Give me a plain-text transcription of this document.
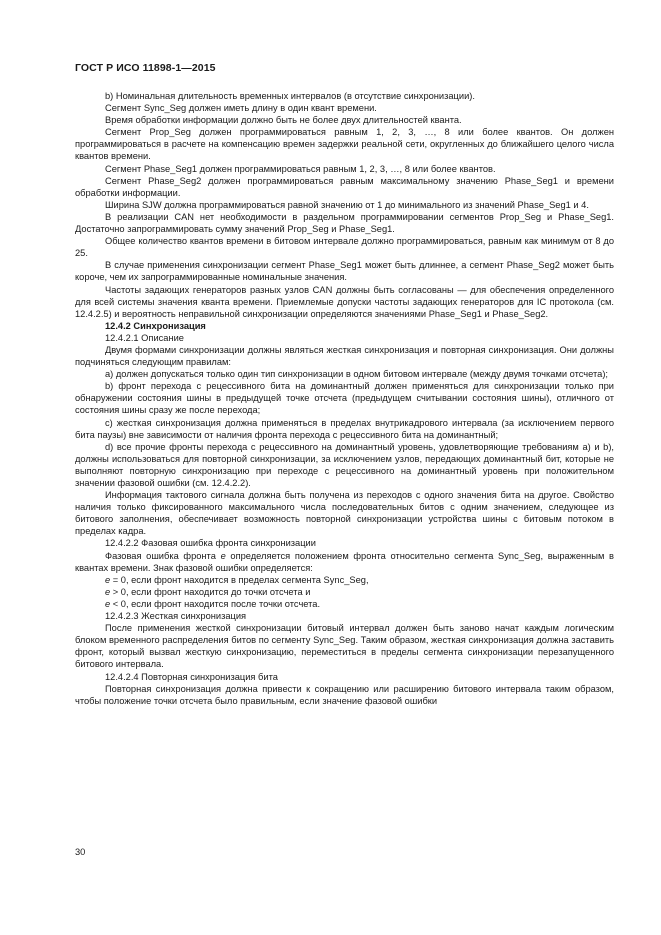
ГОСТ Р ИСО 11898-1—2015

b) Номинальная длительность временных интервалов (в отсутствие синхронизации).

Сегмент Sync_Seg должен иметь длину в один квант времени.

Время обработки информации должно быть не более двух длительностей кванта.

Сегмент Prop_Seg должен программироваться равным 1, 2, 3, …, 8 или более квантов. Он должен программироваться в расчете на компенсацию времен задержки реальной сети, округленных до ближайшего целого числа квантов времени.

Сегмент Phase_Seg1 должен программироваться равным 1, 2, 3, …, 8 или более квантов.

Сегмент Phase_Seg2 должен программироваться равным максимальному значению Phase_Seg1 и времени обработки информации.

Ширина SJW должна программироваться равной значению от 1 до минимального из значений Phase_Seg1 и 4.

В реализации CAN нет необходимости в раздельном программировании сегментов Prop_Seg и Phase_Seg1. Достаточно запрограммировать сумму значений Prop_Seg и Phase_Seg1.

Общее количество квантов времени в битовом интервале должно программироваться, равным как минимум от 8 до 25.

В случае применения синхронизации сегмент Phase_Seg1 может быть длиннее, а сегмент Phase_Seg2 может быть короче, чем их запрограммированные номинальные значения.

Частоты задающих генераторов разных узлов CAN должны быть согласованы — для обеспечения определенного для всей системы значения кванта времени. Приемлемые допуски частоты задающих генераторов для IC протокола (см. 12.4.2.5) и вероятность неправильной синхронизации определяются значениями Phase_Seg1 и Phase_Seg2.

12.4.2 Синхронизация

12.4.2.1 Описание

Двумя формами синхронизации должны являться жесткая синхронизация и повторная синхронизация. Они должны подчиняться следующим правилам:

a) должен допускаться только один тип синхронизации в одном битовом интервале (между двумя точками отсчета);

b) фронт перехода с рецессивного бита на доминантный должен применяться для синхронизации только при обнаружении состояния шины в предыдущей точке отсчета (предыдущем считывании состояния шины), отличного от состояния шины сразу же после перехода;

c) жесткая синхронизация должна применяться в пределах внутрикадрового интервала (за исключением первого бита паузы) вне зависимости от наличия фронта перехода с рецессивного бита на доминантный;

d) все прочие фронты перехода с рецессивного на доминантный уровень, удовлетворяющие требованиям a) и b), должны использоваться для повторной синхронизации, за исключением узлов, передающих доминантный бит, которые не выполняют повторную синхронизацию при переходе с рецессивного на доминантный уровень при положительном значении фазовой ошибки (см. 12.4.2.2).

Информация тактового сигнала должна быть получена из переходов с одного значения бита на другое. Свойство наличия только фиксированного максимального числа последовательных битов с одним значением, следующее из битового заполнения, обеспечивает возможность повторной синхронизации устройства шины с битовым потоком в пределах кадра.

12.4.2.2 Фазовая ошибка фронта синхронизации

Фазовая ошибка фронта e определяется положением фронта относительно сегмента Sync_Seg, выраженным в квантах времени. Знак фазовой ошибки определяется:

e = 0, если фронт находится в пределах сегмента Sync_Seg,

e > 0, если фронт находится до точки отсчета и

e < 0, если фронт находится после точки отсчета.

12.4.2.3 Жесткая синхронизация

После применения жесткой синхронизации битовый интервал должен быть заново начат каждым логическим блоком временного распределения битов по сегменту Sync_Seg. Таким образом, жесткая синхронизация должна заставить фронт, который вызвал жесткую синхронизацию, переместиться в пределы сегмента синхронизации перезапущенного битового интервала.

12.4.2.4 Повторная синхронизация бита

Повторная синхронизация должна привести к сокращению или расширению битового интервала таким образом, чтобы положение точки отсчета было правильным, если значение фазовой ошибки

30
